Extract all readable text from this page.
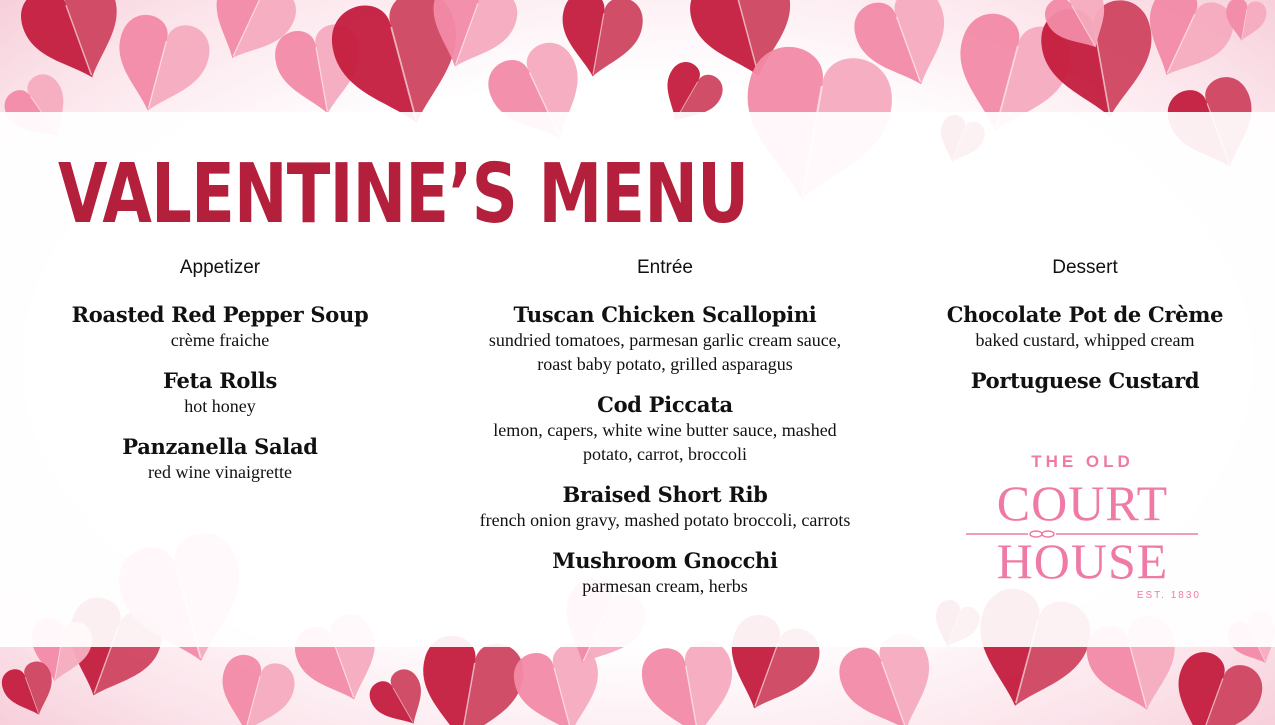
VALENTINE’S MENU
Appetizer
Roasted Red Pepper Soup
crème fraiche
Feta Rolls
hot honey
Panzanella Salad
red wine vinaigrette
Entrée
Tuscan Chicken Scallopini
sundried tomatoes, parmesan garlic cream sauce,
roast baby potato, grilled asparagus
Cod Piccata
lemon, capers, white wine butter sauce, mashed
potato, carrot, broccoli
Braised Short Rib
french onion gravy, mashed potato broccoli, carrots
Mushroom Gnocchi
parmesan cream, herbs
Dessert
Chocolate Pot de Crème
baked custard, whipped cream
Portuguese Custard
THE OLD
COURT
HOUSE
EST. 1830
